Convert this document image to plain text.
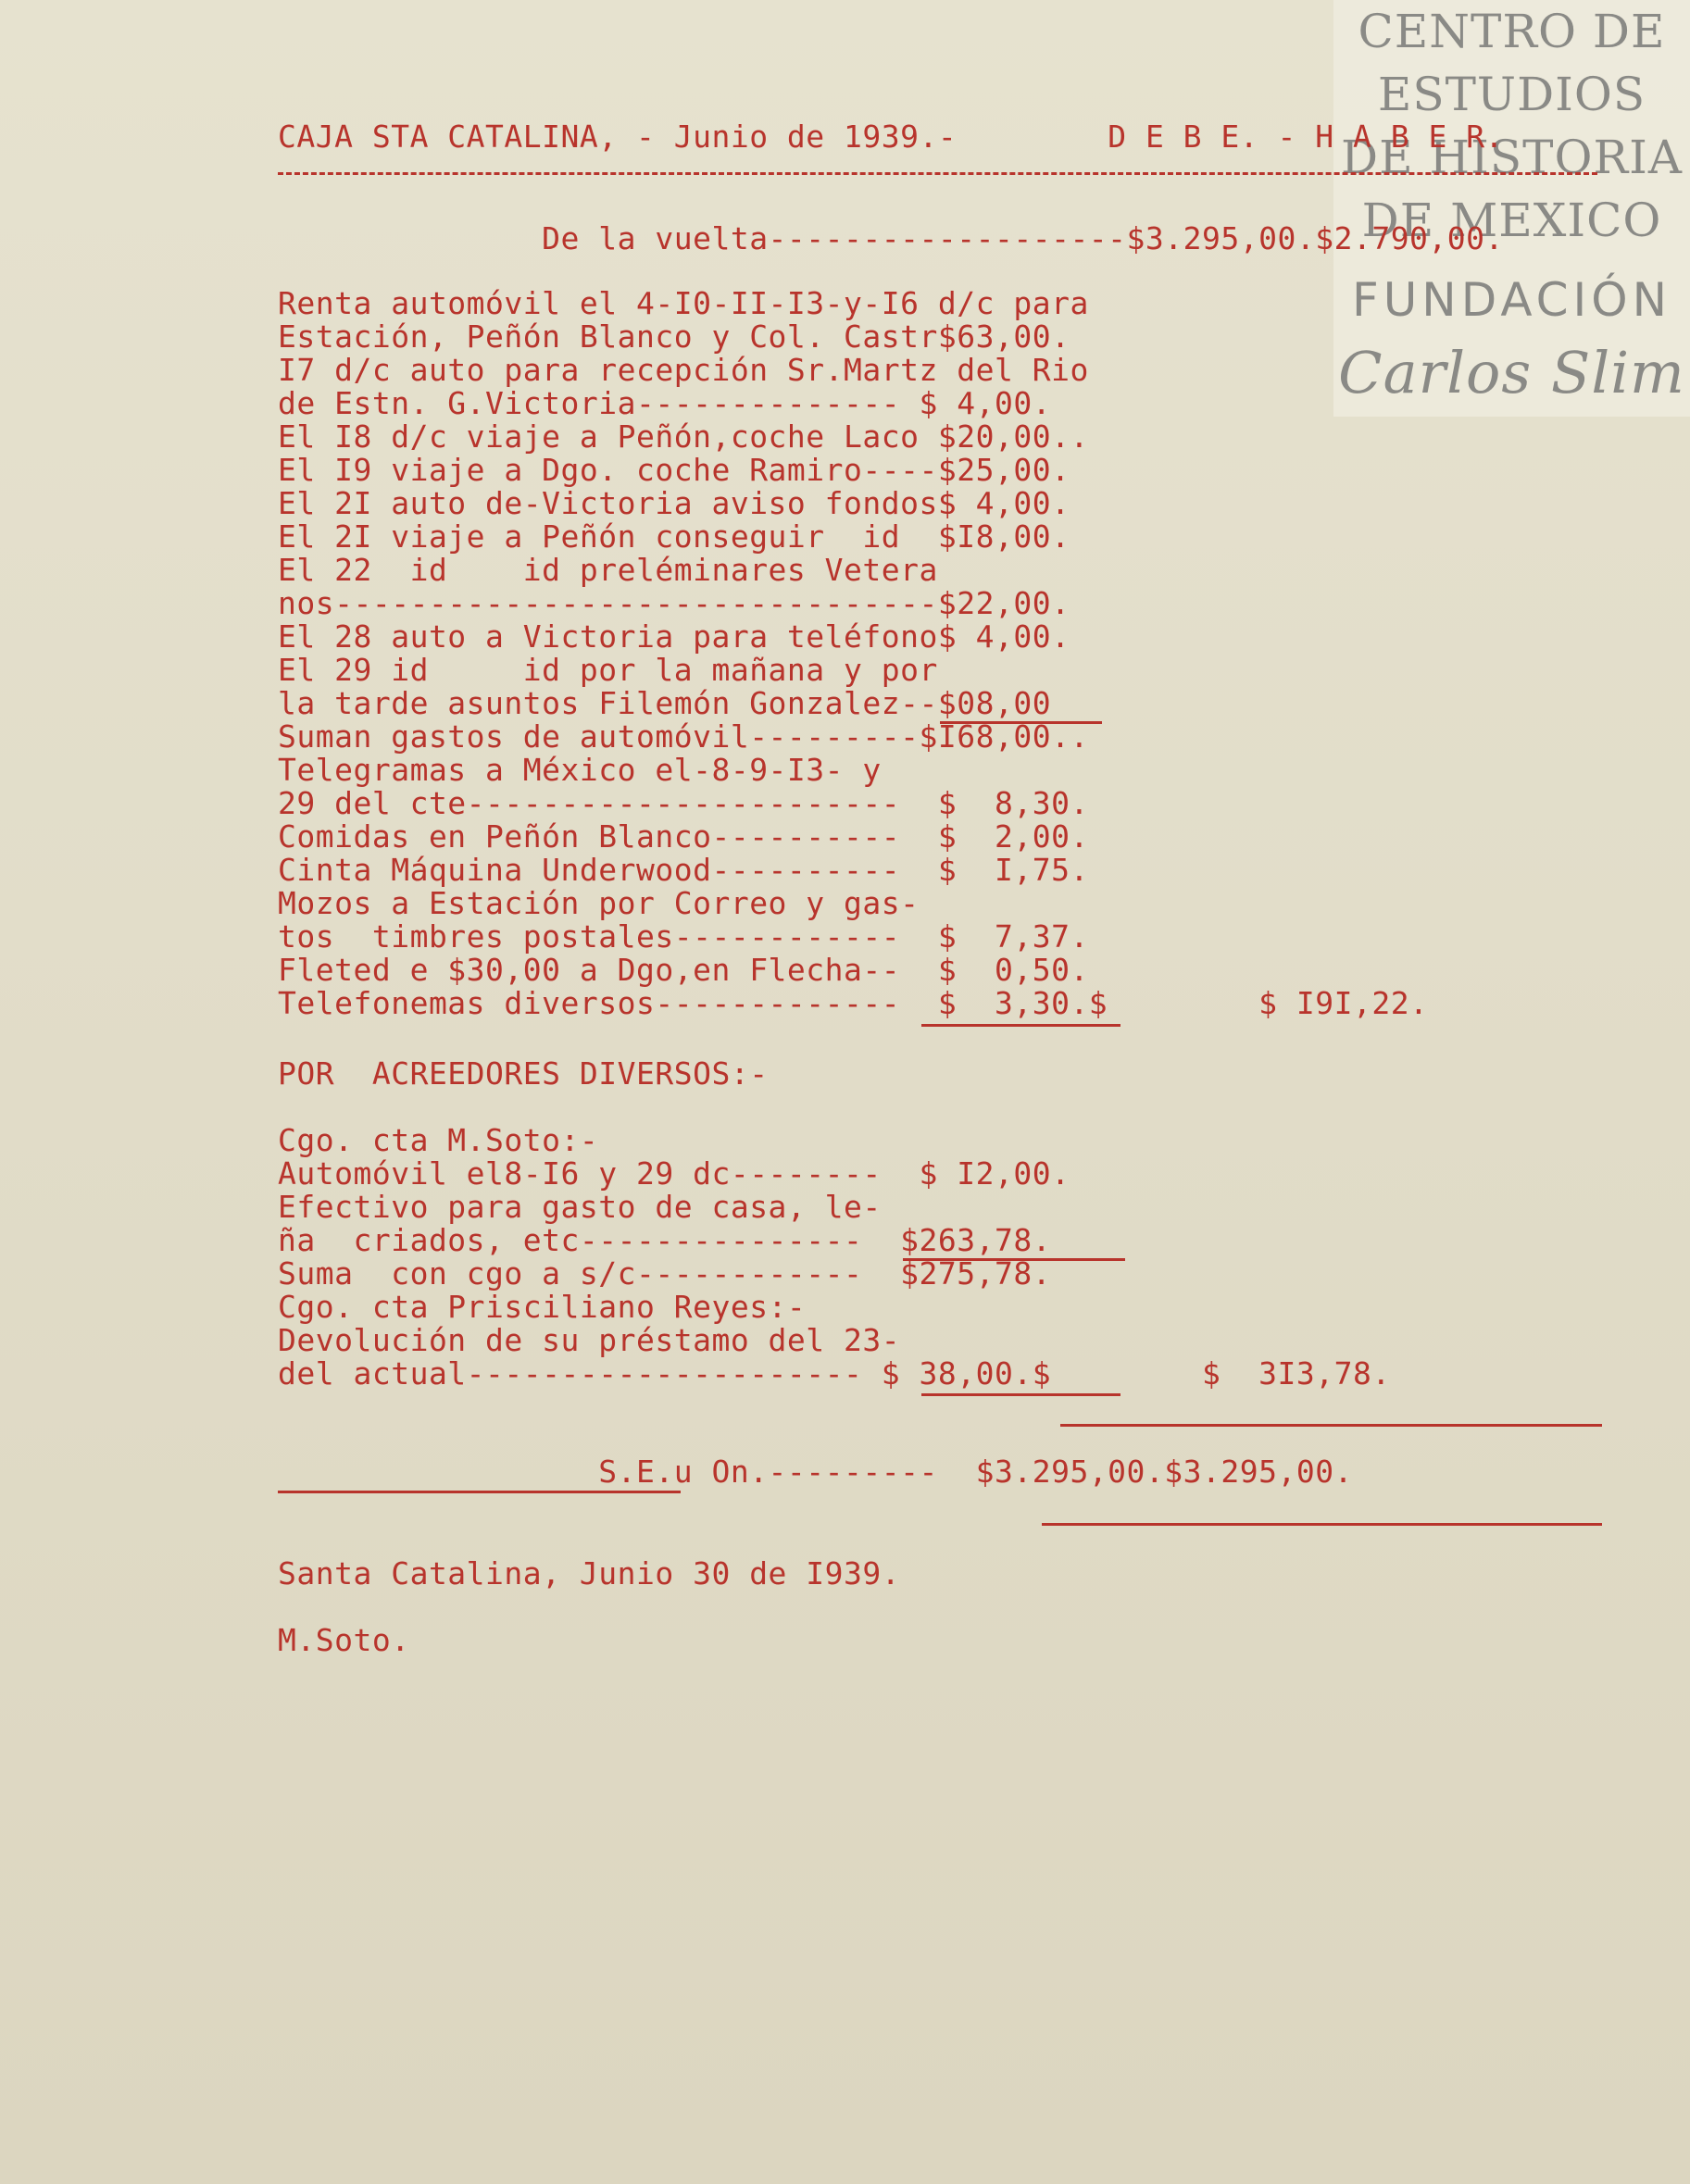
CENTRO DE
ESTUDIOS
DE HISTORIA
DE MEXICO
FUNDACIÓN
Carlos Slim
CAJA STA CATALINA, - Junio de 1939.-	D E B E. - H A B E R.
De la vuelta-------------------$3.295,00.$2.790,00.
Renta automóvil el 4-I0-II-I3-y-I6 d/c para
Estación, Peñón Blanco y Col. Castr$63,00.
I7 d/c auto para recepción Sr.Martz del Rio
de Estn. G.Victoria-------------- $ 4,00.
El I8 d/c viaje a Peñón,coche Laco $20,00..
El I9 viaje a Dgo. coche Ramiro----$25,00.
El 2I auto de-Victoria aviso fondos$ 4,00.
El 2I viaje a Peñón conseguir  id  $I8,00.
El 22  id    id preléminares Vetera
nos--------------------------------$22,00.
El 28 auto a Victoria para teléfono$ 4,00.
El 29 id     id por la mañana y por
la tarde asuntos Filemón Gonzalez--$08,00
Suman gastos de automóvil---------$I68,00..
Telegramas a México el-8-9-I3- y
29 del cte-----------------------  $  8,30.
Comidas en Peñón Blanco----------  $  2,00.
Cinta Máquina Underwood----------  $  I,75.
Mozos a Estación por Correo y gas-
tos  timbres postales------------  $  7,37.
Fleted e $30,00 a Dgo,en Flecha--  $  0,50.
Telefonemas diversos-------------  $  3,30.$        $ I9I,22.
POR  ACREEDORES DIVERSOS:-
Cgo. cta M.Soto:-
Automóvil el8-I6 y 29 dc--------  $ I2,00.
Efectivo para gasto de casa, le-
ña  criados, etc---------------  $263,78.
Suma  con cgo a s/c------------  $275,78.
Cgo. cta Prisciliano Reyes:-
Devolución de su préstamo del 23-
del actual--------------------- $ 38,00.$        $  3I3,78.
S.E.u On.---------  $3.295,00.$3.295,00.
Santa Catalina, Junio 30 de I939.
M.Soto.
